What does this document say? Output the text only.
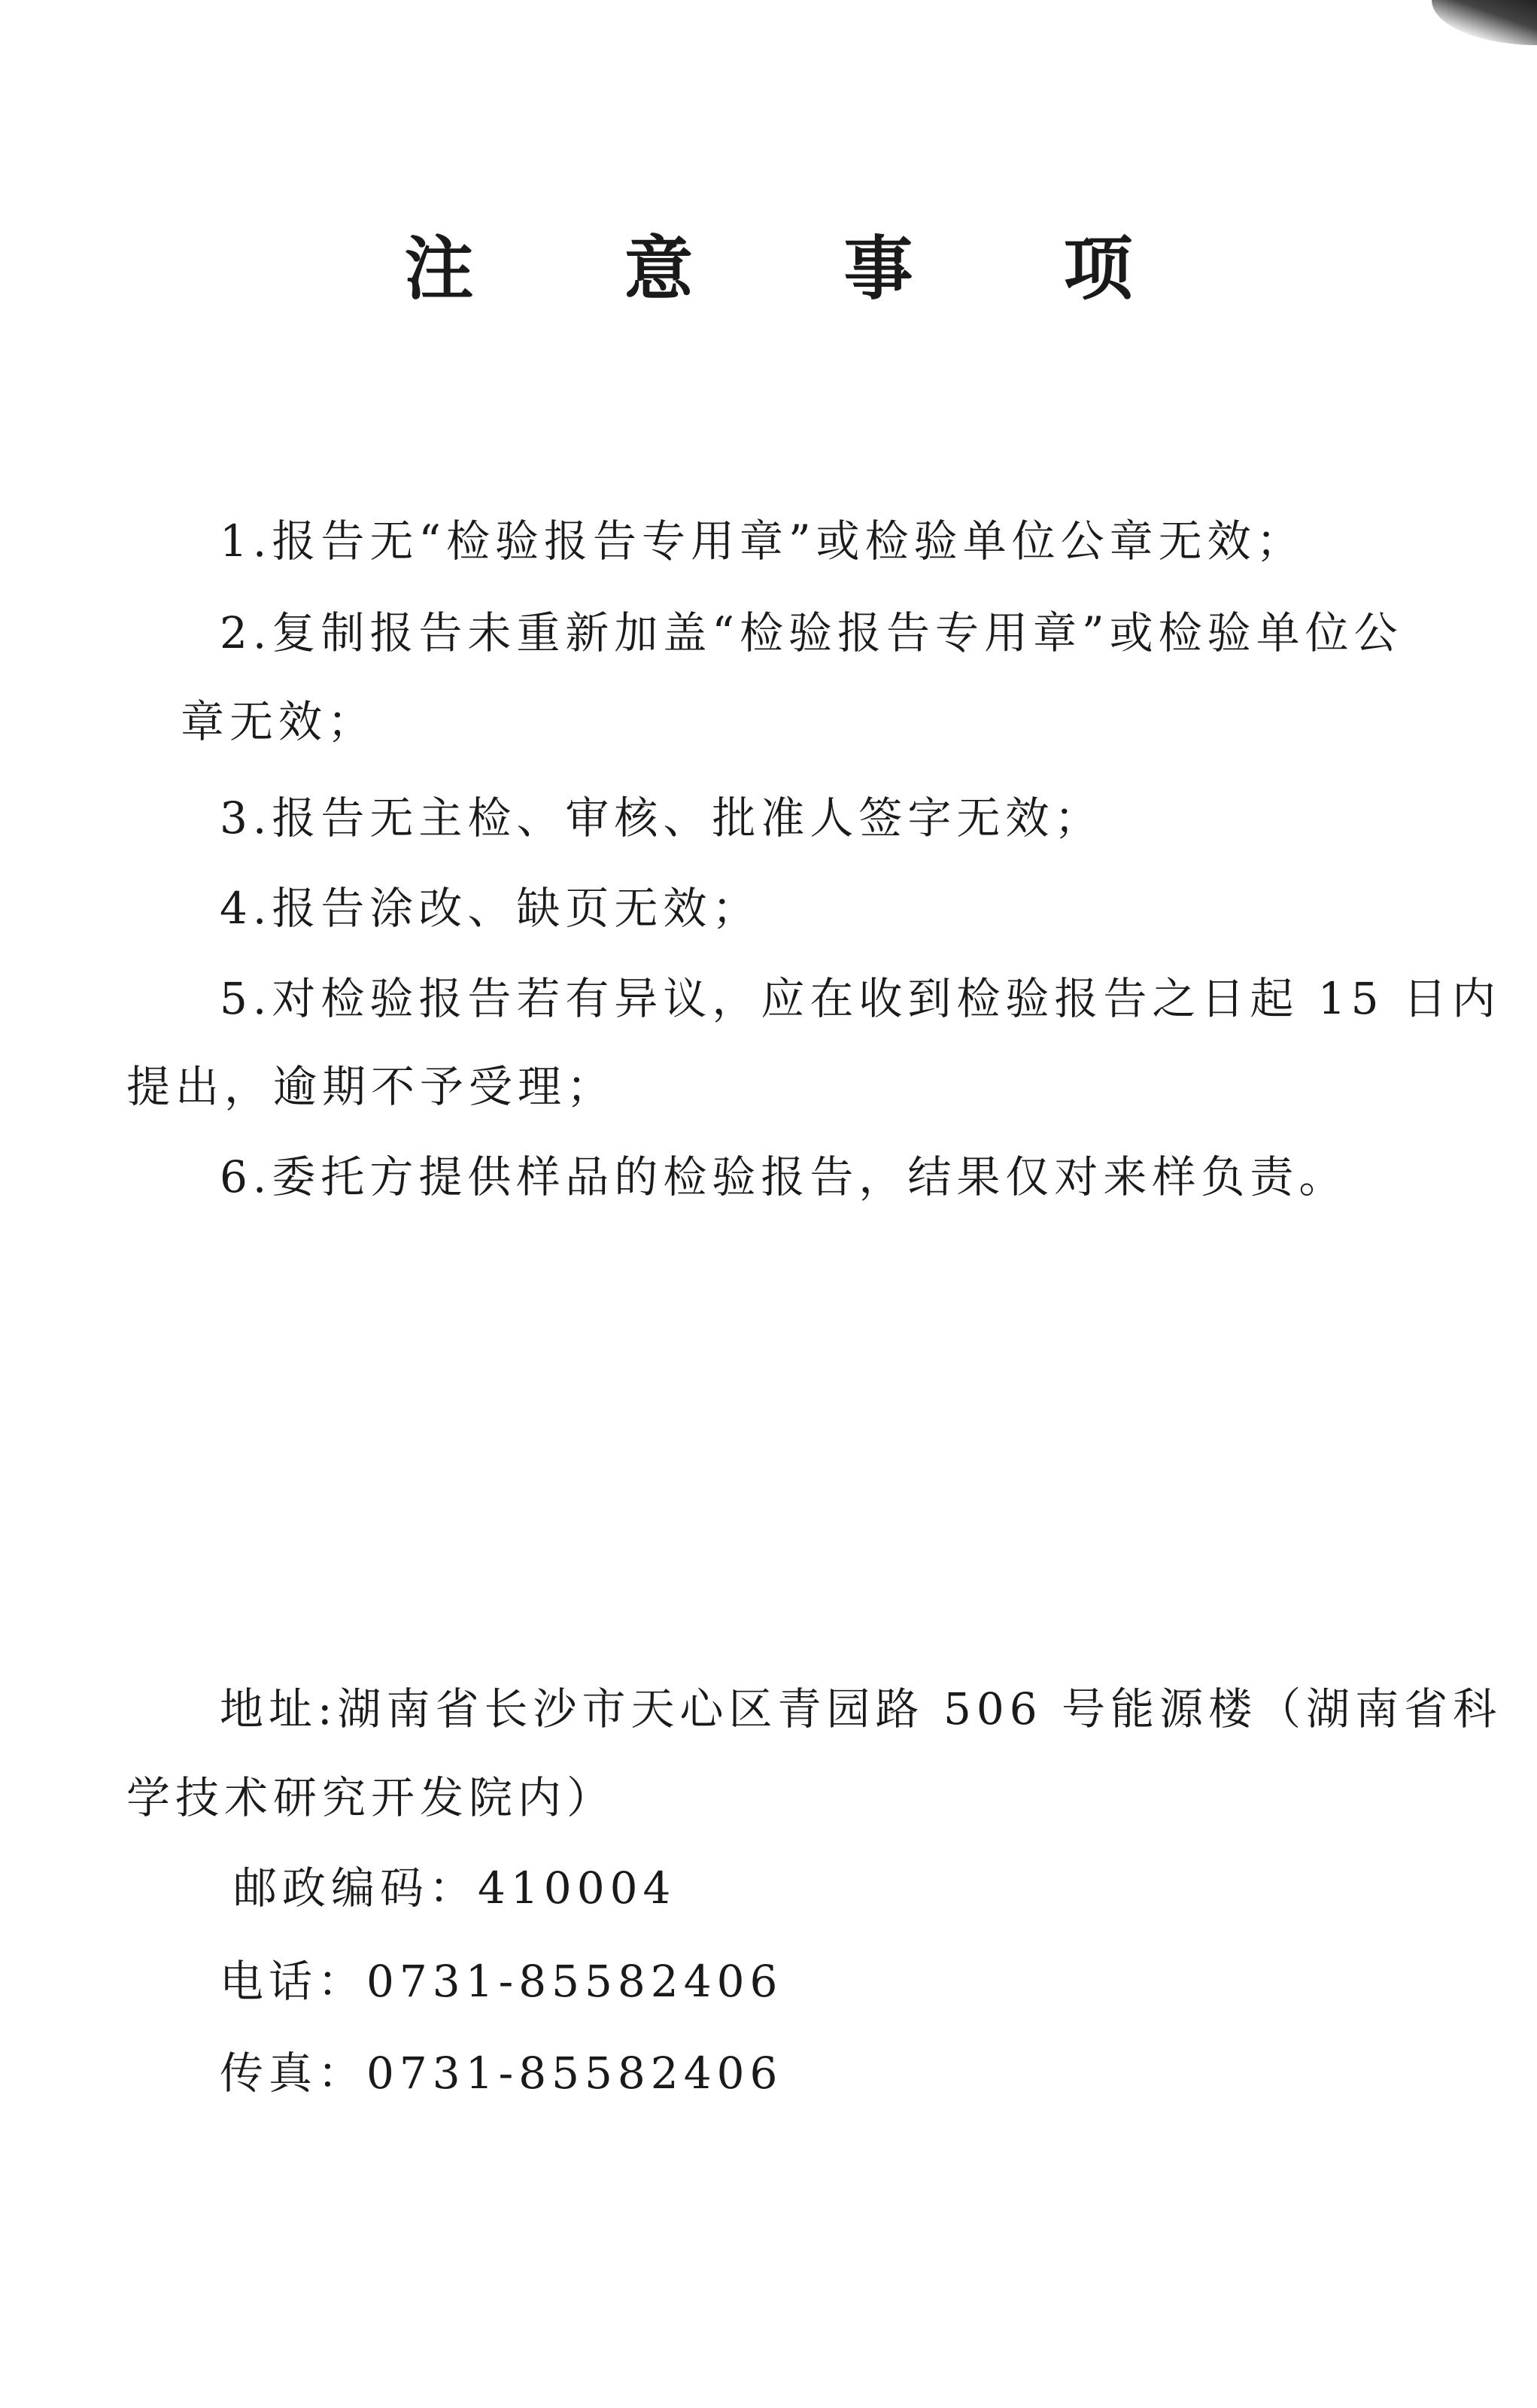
注 意 事 项
1.报告无“检验报告专用章”或检验单位公章无效；
2.复制报告未重新加盖“检验报告专用章”或检验单位公
章无效；
3.报告无主检、审核、批准人签字无效；
4.报告涂改、缺页无效；
5.对检验报告若有异议，应在收到检验报告之日起 15 日内
提出，逾期不予受理；
6.委托方提供样品的检验报告，结果仅对来样负责。
地址:湖南省长沙市天心区青园路 506 号能源楼（湖南省科
学技术研究开发院内）
邮政编码：410004
电话：0731-85582406
传真：0731-85582406
